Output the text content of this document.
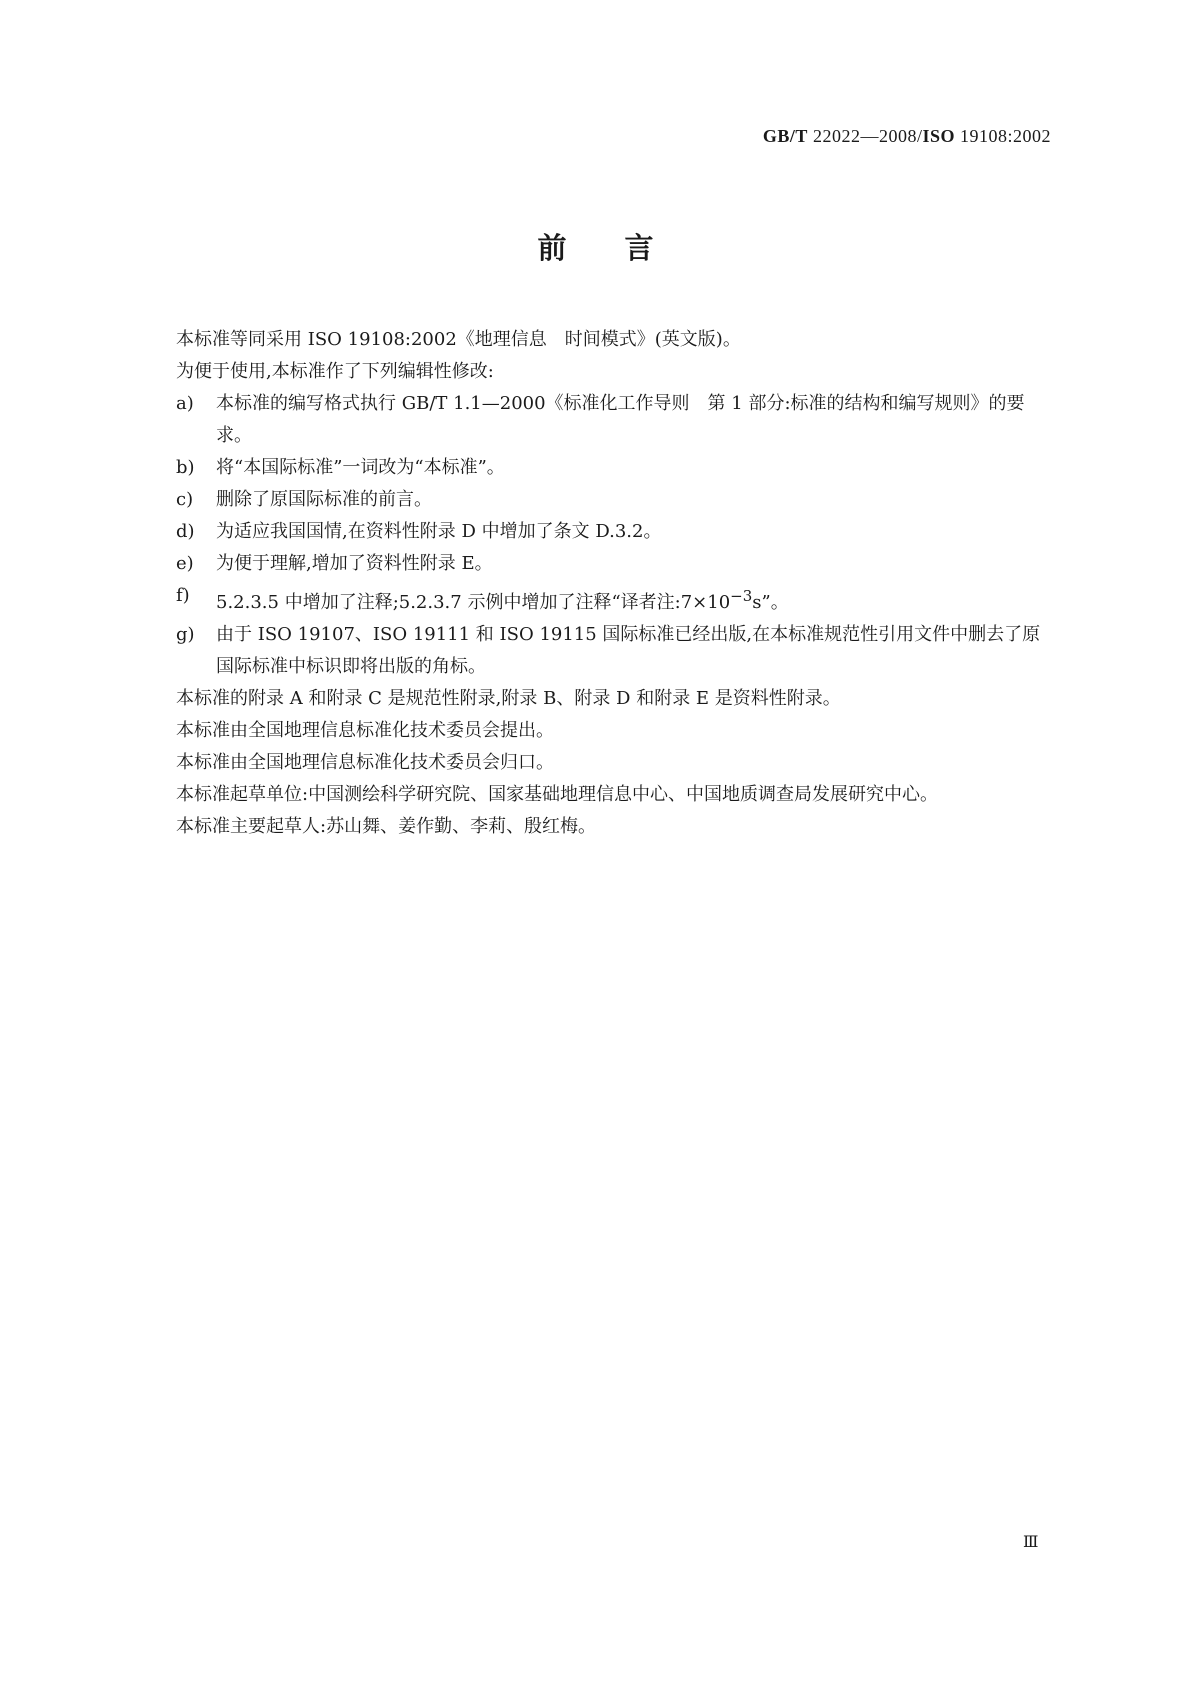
GB/T 22022—2008/ISO 19108:2002
前言

本标准等同采用 ISO 19108:2002《地理信息　时间模式》(英文版)。

为便于使用,本标准作了下列编辑性修改:

a)	本标准的编写格式执行 GB/T 1.1—2000《标准化工作导则　第 1 部分:标准的结构和编写规则》的要求。
b)	将“本国际标准”一词改为“本标准”。
c)	删除了原国际标准的前言。
d)	为适应我国国情,在资料性附录 D 中增加了条文 D.3.2。
e)	为便于理解,增加了资料性附录 E。
f)	5.2.3.5 中增加了注释;5.2.3.7 示例中增加了注释“译者注$:7\times 10^{-3}s$”。
g)	由于 ISO 19107、ISO 19111 和 ISO 19115 国际标准已经出版,在本标准规范性引用文件中删去了原国际标准中标识即将出版的角标。

本标准的附录 A 和附录 C 是规范性附录,附录 B、附录 D 和附录 E 是资料性附录。

本标准由全国地理信息标准化技术委员会提出。

本标准由全国地理信息标准化技术委员会归口。

本标准起草单位:中国测绘科学研究院、国家基础地理信息中心、中国地质调查局发展研究中心。

本标准主要起草人:苏山舞、姜作勤、李莉、殷红梅。

Ⅲ
